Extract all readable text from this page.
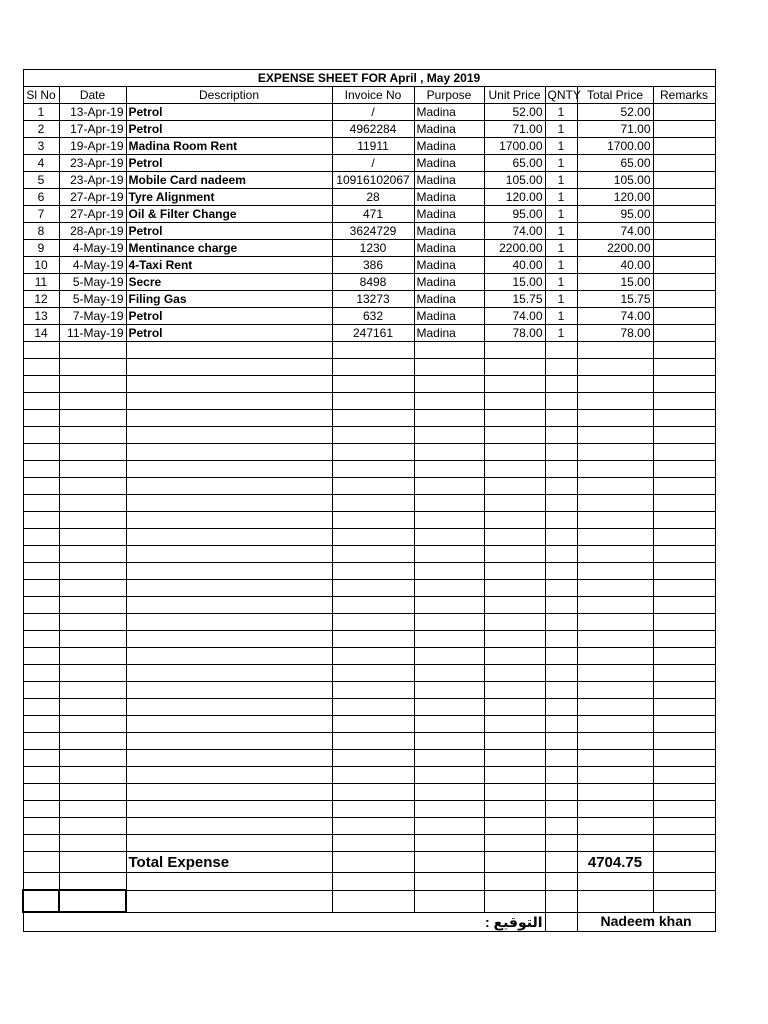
EXPENSE SHEET FOR April , May 2019								
Sl No	Date	Description	Invoice No	Purpose	Unit Price	QNTY	Total Price	Remarks
1	13-Apr-19	Petrol	/	Madina	52.00	1	52.00	
2	17-Apr-19	Petrol	4962284	Madina	71.00	1	71.00	
3	19-Apr-19	Madina Room Rent	11911	Madina	1700.00	1	1700.00	
4	23-Apr-19	Petrol	/	Madina	65.00	1	65.00	
5	23-Apr-19	Mobile Card nadeem	10916102067	Madina	105.00	1	105.00	
6	27-Apr-19	Tyre Alignment	28	Madina	120.00	1	120.00	
7	27-Apr-19	Oil & Filter Change	471	Madina	95.00	1	95.00	
8	28-Apr-19	Petrol	3624729	Madina	74.00	1	74.00	
9	4-May-19	Mentinance charge	1230	Madina	2200.00	1	2200.00	
10	4-May-19	4-Taxi Rent	386	Madina	40.00	1	40.00	
11	5-May-19	Secre	8498	Madina	15.00	1	15.00	
12	5-May-19	Filing Gas	13273	Madina	15.75	1	15.75	
13	7-May-19	Petrol	632	Madina	74.00	1	74.00	
14	11-May-19	Petrol	247161	Madina	78.00	1	78.00	

		Total Expense					4704.75	

التوقيع :							Nadeem khan	
